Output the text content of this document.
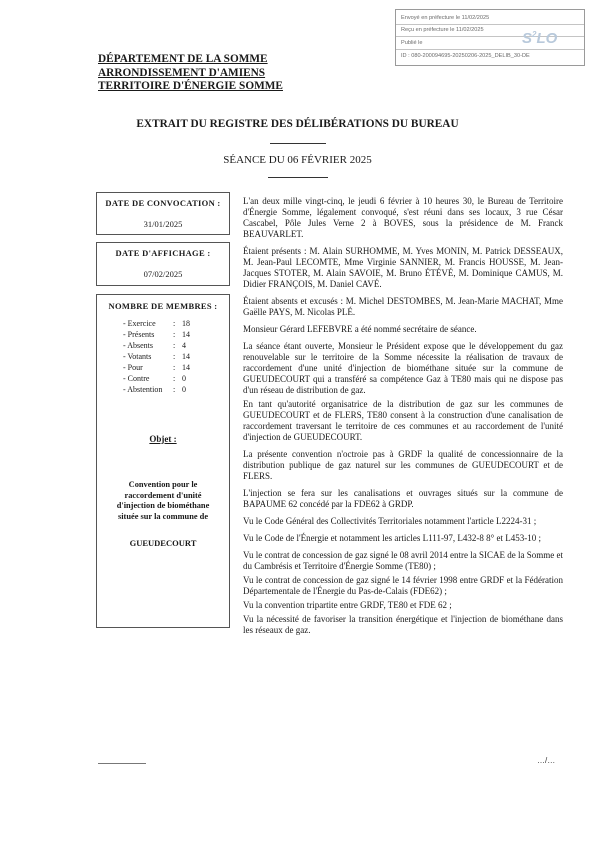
Envoyé en préfecture le 11/02/2025
Reçu en préfecture le 11/02/2025
Publié le
ID : 080-200094695-20250206-2025_DELIB_30-DE
$S^2LO$
DÉPARTEMENT DE LA SOMME
ARRONDISSEMENT D'AMIENS
TERRITOIRE D'ÉNERGIE SOMME
EXTRAIT DU REGISTRE DES DÉLIBÉRATIONS DU BUREAU
SÉANCE DU 06 FÉVRIER 2025
DATE DE CONVOCATION :
31/01/2025
DATE D'AFFICHAGE :
07/02/2025
NOMBRE DE MEMBRES :
- Exercice : 18
- Présents : 14
- Absents	: 4
- Votants	: 14
- Pour	: 14
- Contre	: 0
- Abstention : 0
Objet :
Convention pour le
raccordement d'unité
d'injection de biométhane
située sur la commune de
GUEUDECOURT

L'an deux mille vingt-cinq, le jeudi 6 février à 10 heures 30, le Bureau de Territoire d'Énergie Somme, légalement convoqué, s'est réuni dans ses locaux, 3 rue César Cascabel, Pôle Jules Verne 2 à BOVES, sous la présidence de M. Franck BEAUVARLET.

Étaient présents : M. Alain SURHOMME, M. Yves MONIN, M. Patrick DESSEAUX, M. Jean-Paul LECOMTE, Mme Virginie SANNIER, M. Francis HOUSSE, M. Jean-Jacques STOTER, M. Alain SAVOIE, M. Bruno ÉTÉVÉ, M. Dominique CAMUS, M. Didier FRANÇOIS, M. Daniel CAVÉ.

Étaient absents et excusés : M. Michel DESTOMBES, M. Jean-Marie MACHAT, Mme Gaëlle PAYS, M. Nicolas PLÉ.

Monsieur Gérard LEFEBVRE a été nommé secrétaire de séance.

La séance étant ouverte, Monsieur le Président expose que le développement du gaz renouvelable sur le territoire de la Somme nécessite la réalisation de travaux de raccordement d'une unité d'injection de biométhane située sur la commune de GUEUDECOURT qui a transféré sa compétence Gaz à TE80 mais qui ne dispose pas d'un réseau de distribution de gaz.

En tant qu'autorité organisatrice de la distribution de gaz sur les communes de GUEUDECOURT et de FLERS, TE80 consent à la construction d'une canalisation de raccordement traversant le territoire de ces communes et au raccordement de l'unité d'injection de GUEUDECOURT.

La présente convention n'octroie pas à GRDF la qualité de concessionnaire de la distribution publique de gaz naturel sur les communes de GUEUDECOURT et de FLERS.

L'injection se fera sur les canalisations et ouvrages situés sur la commune de BAPAUME 62 concédé par la FDE62 à GRDP.

Vu le Code Général des Collectivités Territoriales notamment l'article L2224-31 ;

Vu le Code de l'Énergie et notamment les articles L111-97, L432-8 8° et L453-10 ;

Vu le contrat de concession de gaz signé le 08 avril 2014 entre la SICAE de la Somme et du Cambrésis et Territoire d'Énergie Somme (TE80) ;

Vu le contrat de concession de gaz signé le 14 février 1998 entre GRDF et la Fédération Départementale de l'Énergie du Pas-de-Calais (FDE62) ;

Vu la convention tripartite entre GRDF, TE80 et FDE 62 ;

Vu la nécessité de favoriser la transition énergétique et l'injection de biométhane dans les réseaux de gaz.

…/…
